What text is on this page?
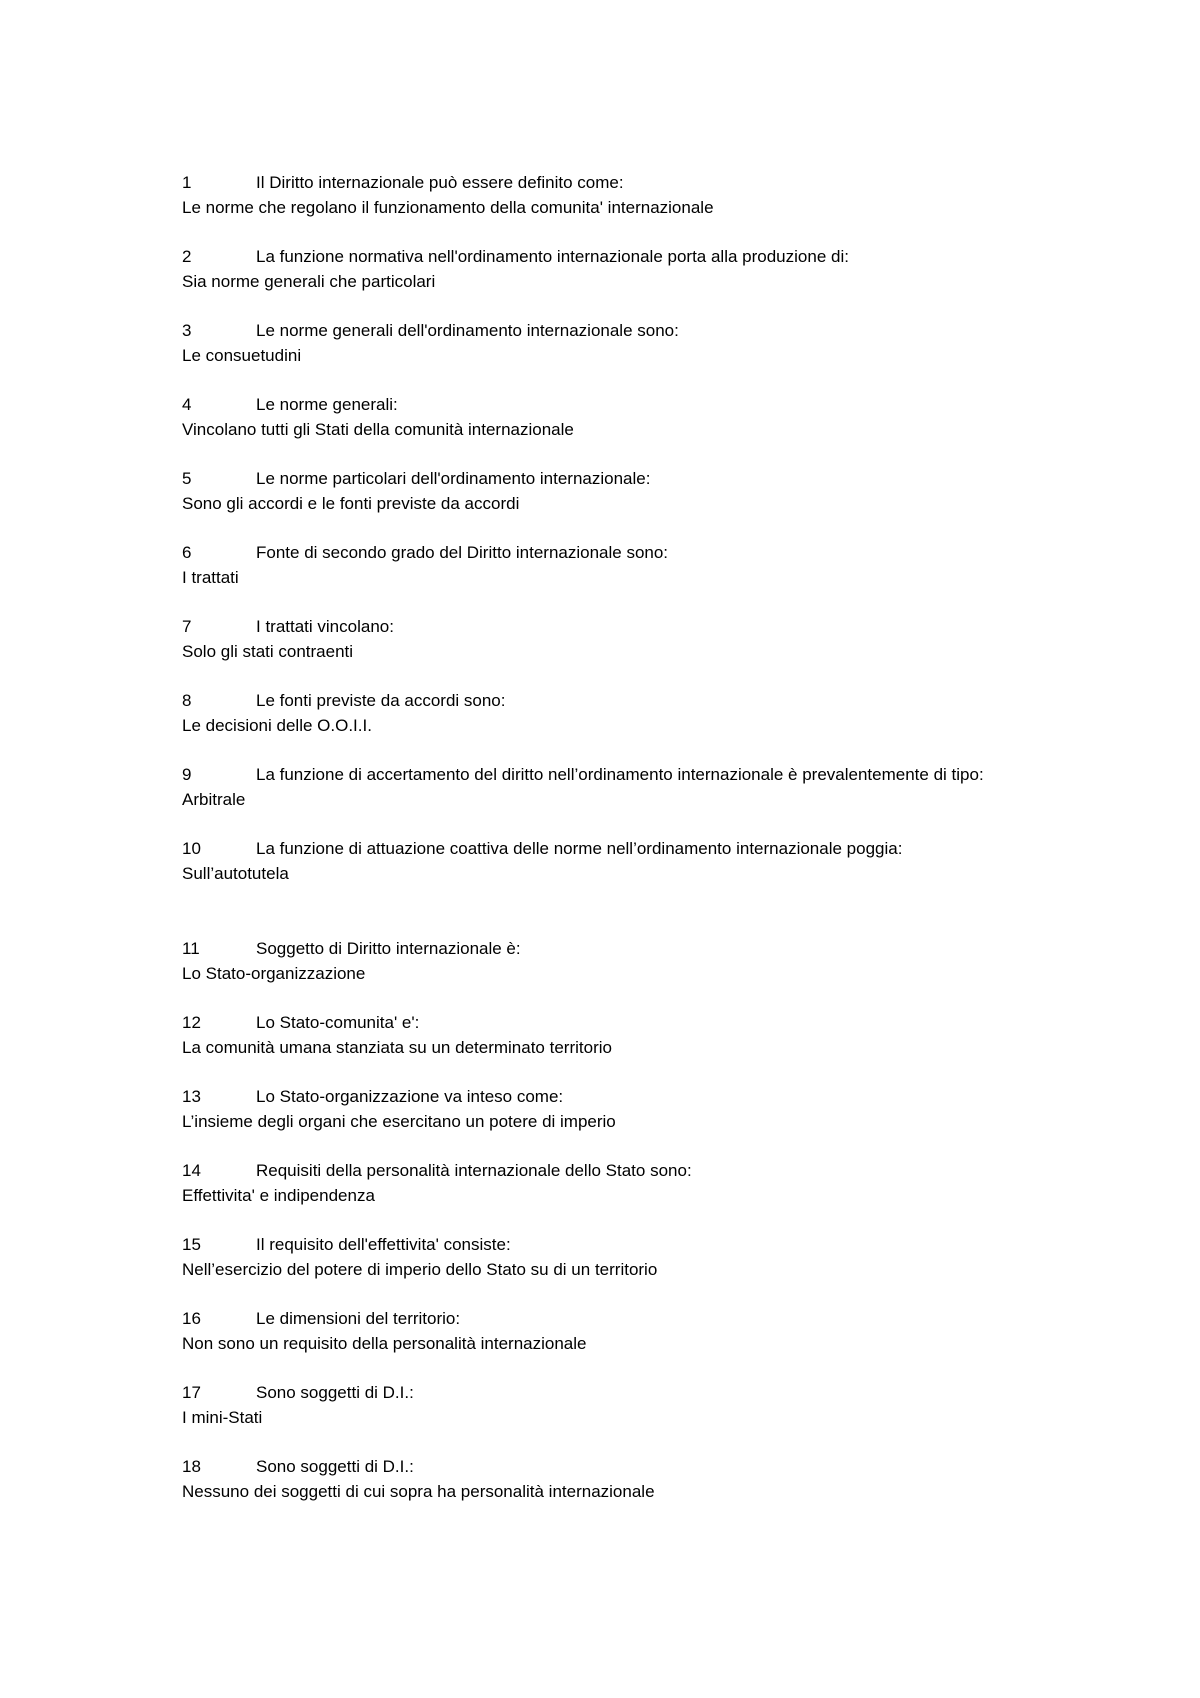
1	Il Diritto internazionale può essere definito come:

Le norme che regolano il funzionamento della comunita' internazionale

2	La funzione normativa nell'ordinamento internazionale porta alla produzione di:

Sia norme generali che particolari

3	Le norme generali dell'ordinamento internazionale sono:

Le consuetudini

4	Le norme generali:

Vincolano tutti gli Stati della comunità internazionale

5	Le norme particolari dell'ordinamento internazionale:

Sono gli accordi e le fonti previste da accordi

6	Fonte di secondo grado del Diritto internazionale sono:

I trattati

7	I trattati vincolano:

Solo gli stati contraenti

8	Le fonti previste da accordi sono:

Le decisioni delle O.O.I.I.

9	La funzione di accertamento del diritto nell’ordinamento internazionale è prevalentemente di tipo:

Arbitrale

10	La funzione di attuazione coattiva delle norme nell’ordinamento internazionale poggia:

Sull’autotutela

11	Soggetto di Diritto internazionale è:

Lo Stato-organizzazione

12	Lo Stato-comunita' e':

La comunità umana stanziata su un determinato territorio

13	Lo Stato-organizzazione va inteso come:

L’insieme degli organi che esercitano un potere di imperio

14	Requisiti della personalità internazionale dello Stato sono:

Effettivita' e indipendenza

15	Il requisito dell'effettivita' consiste:

Nell’esercizio del potere di imperio dello Stato su di un territorio

16	Le dimensioni del territorio:

Non sono un requisito della personalità internazionale

17	Sono soggetti di D.I.:

I mini-Stati

18	Sono soggetti di D.I.:

Nessuno dei soggetti di cui sopra ha personalità internazionale
